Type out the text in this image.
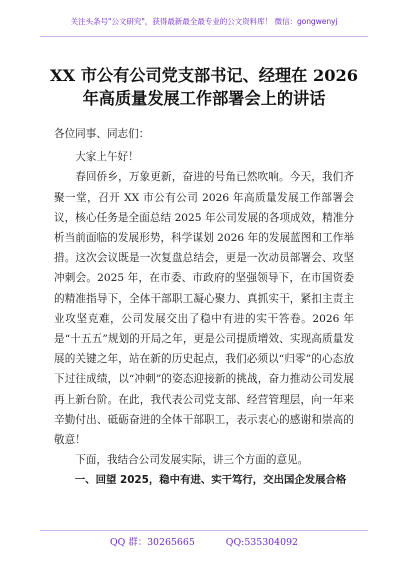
关注头条号"公文研究"，获得最新最全最专业的公文资料库！ 微信：gongwenyj
XX 市公有公司党支部书记、经理在 2026
年高质量发展工作部署会上的讲话

各位同事、同志们：

大家上午好！

春回侨乡，万象更新，奋进的号角已然吹响。今天，我们齐聚一堂，召开 XX 市公有公司 2026 年高质量发展工作部署会议，核心任务是全面总结 2025 年公司发展的各项成效，精准分析当前面临的发展形势，科学谋划 2026 年的发展蓝图和工作举措。这次会议既是一次复盘总结会，更是一次动员部署会、攻坚冲刺会。2025 年，在市委、市政府的坚强领导下，在市国资委的精准指导下，全体干部职工凝心聚力、真抓实干，紧扣主责主业攻坚克难，公司发展交出了稳中有进的实干答卷。2026 年是“十五五”规划的开局之年，更是公司提质增效、实现高质量发展的关键之年，站在新的历史起点，我们必须以“归零”的心态放下过往成绩，以“冲刺”的姿态迎接新的挑战，奋力推动公司发展再上新台阶。在此，我代表公司党支部、经营管理层，向一年来辛勤付出、砥砺奋进的全体干部职工，表示衷心的感谢和崇高的敬意！

下面，我结合公司发展实际，讲三个方面的意见。

一、回望 2025，稳中有进、实干笃行，交出国企发展合格

QQ 群：30265665	QQ:535304092
